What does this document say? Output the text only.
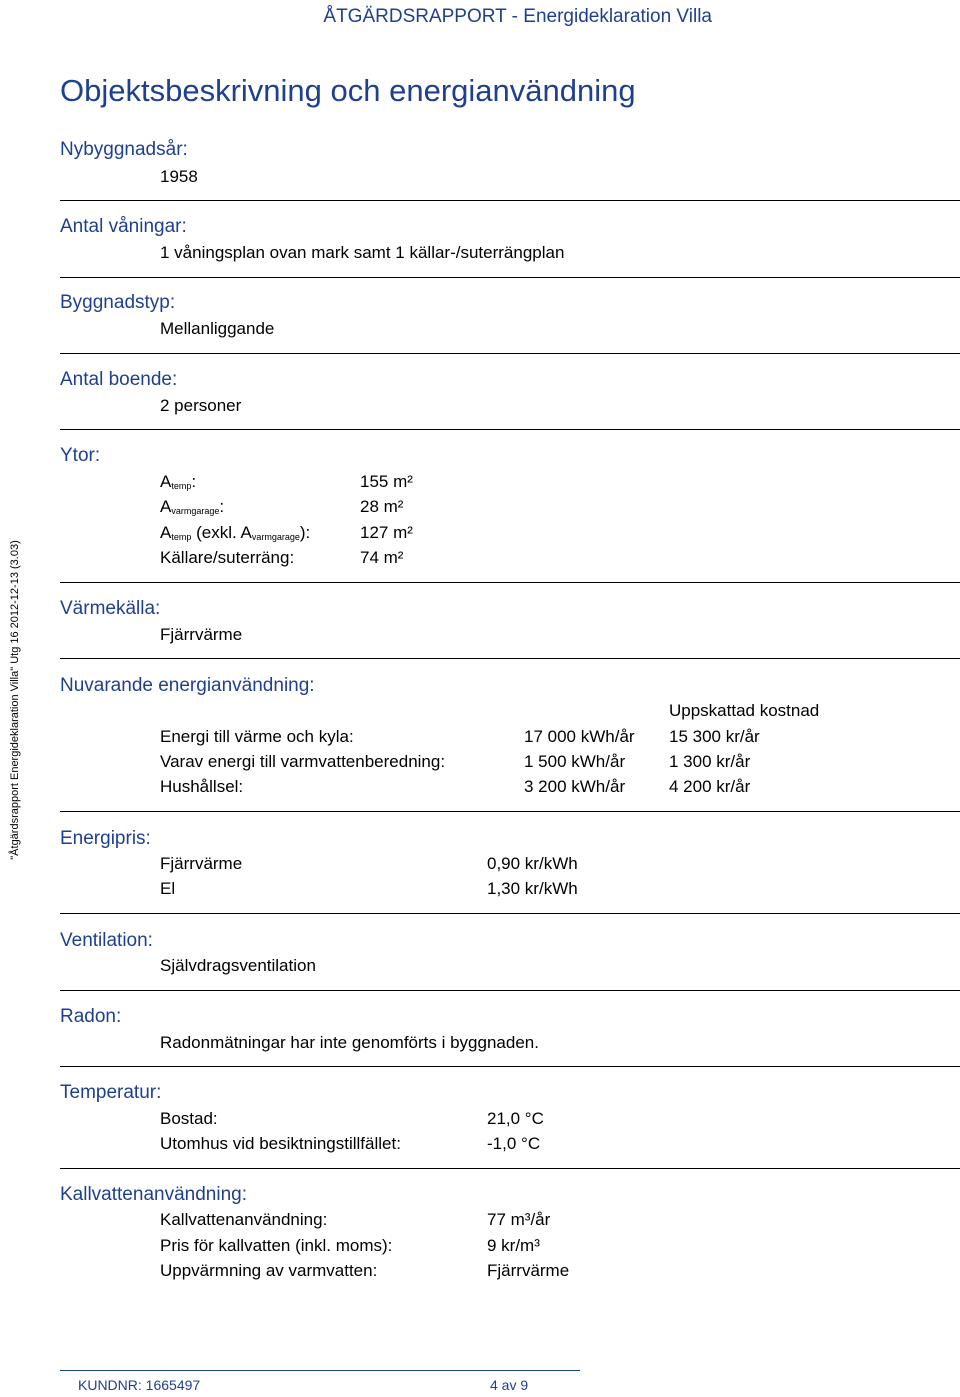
ÅTGÄRDSRAPPORT - Energideklaration Villa
"Åtgärdsrapport Energideklaration Villa" Utg 16 2012-12-13 (3.03)
Objektsbeskrivning och energianvändning
Nybyggnadsår:
1958
Antal våningar:
1 våningsplan ovan mark samt 1 källar-/suterrängplan
Byggnadstyp:
Mellanliggande
Antal boende:
2 personer
Ytor:
$A_{temp}$:	155 m²
$A_{varmgarage}$:	28 m²
$A_{temp}$ (exkl. $A_{varmgarage}$):	127 m²
Källare/suterräng:	74 m²
Värmekälla:
Fjärrvärme
Nuvarande energianvändning:
Uppskattad kostnad
Energi till värme och kyla:	17 000 kWh/år 15 300 kr/år
Varav energi till varmvattenberedning:	1 500 kWh/år	1 300 kr/år
Hushållsel:	3 200 kWh/år	4 200 kr/år
Energipris:
Fjärrvärme	0,90 kr/kWh
El	1,30 kr/kWh
Ventilation:
Självdragsventilation
Radon:
Radonmätningar har inte genomförts i byggnaden.
Temperatur:
Bostad:	21,0 °C
Utomhus vid besiktningstillfället:	-1,0 °C
Kallvattenanvändning:
Kallvattenanvändning:	77 m³/år
Pris för kallvatten (inkl. moms):	9 kr/m³
Uppvärmning av varmvatten:	Fjärrvärme
KUNDNR: 1665497	4 av 9
